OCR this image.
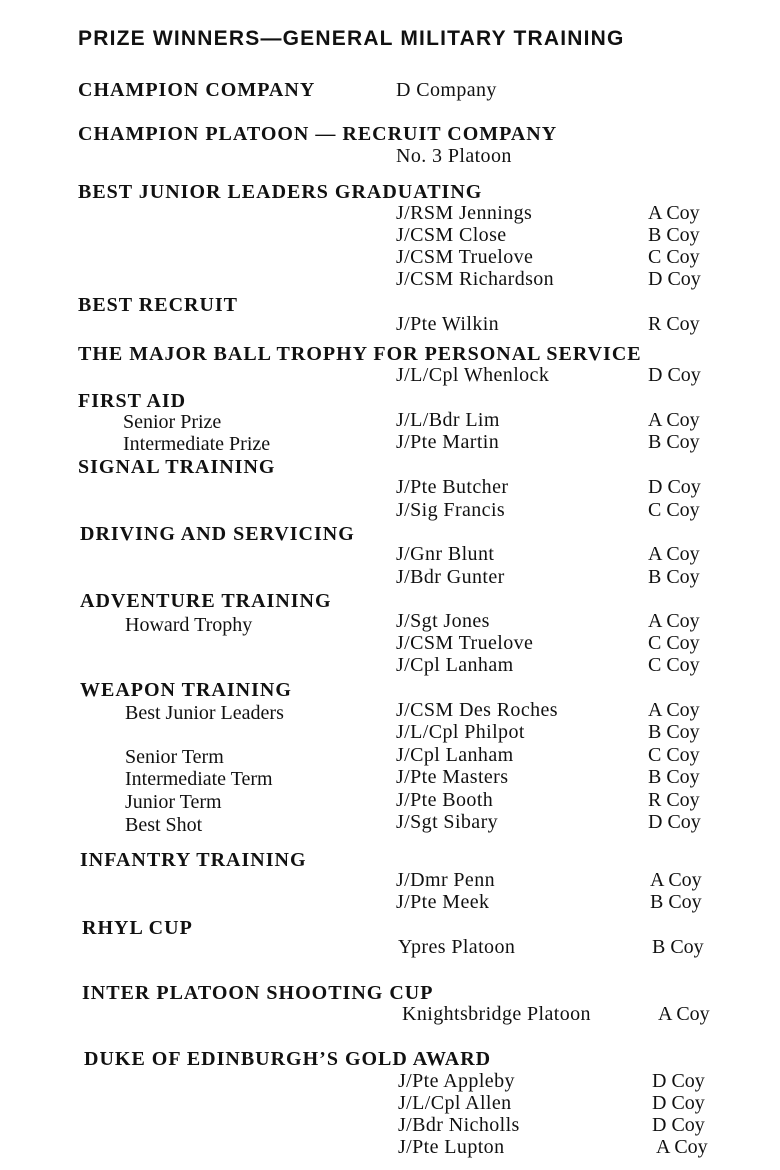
PRIZE WINNERS—GENERAL MILITARY TRAINING
CHAMPION COMPANY	D Company
CHAMPION PLATOON — RECRUIT COMPANY
No. 3 Platoon
BEST JUNIOR LEADERS GRADUATING
J/RSM Jennings	A Coy
J/CSM Close	B Coy
J/CSM Truelove	C Coy
J/CSM Richardson	D Coy
BEST RECRUIT
J/Pte Wilkin	R Coy
THE MAJOR BALL TROPHY FOR PERSONAL SERVICE
J/L/Cpl Whenlock	D Coy
FIRST AID
Senior Prize	J/L/Bdr Lim	A Coy
Intermediate Prize	J/Pte Martin	B Coy
SIGNAL TRAINING
J/Pte Butcher	D Coy
J/Sig Francis	C Coy
DRIVING AND SERVICING
J/Gnr Blunt	A Coy
J/Bdr Gunter	B Coy
ADVENTURE TRAINING
Howard Trophy	J/Sgt Jones	A Coy
J/CSM Truelove	C Coy
J/Cpl Lanham	C Coy
WEAPON TRAINING
Best Junior Leaders	J/CSM Des Roches	A Coy
J/L/Cpl Philpot	B Coy
Senior Term	J/Cpl Lanham	C Coy
Intermediate Term	J/Pte Masters	B Coy
Junior Term	J/Pte Booth	R Coy
Best Shot	J/Sgt Sibary	D Coy
INFANTRY TRAINING
J/Dmr Penn	A Coy
J/Pte Meek	B Coy
RHYL CUP
Ypres Platoon	B Coy
INTER PLATOON SHOOTING CUP
Knightsbridge Platoon	A Coy
DUKE OF EDINBURGH’S GOLD AWARD
J/Pte Appleby	D Coy
J/L/Cpl Allen	D Coy
J/Bdr Nicholls	D Coy
J/Pte Lupton	A Coy
